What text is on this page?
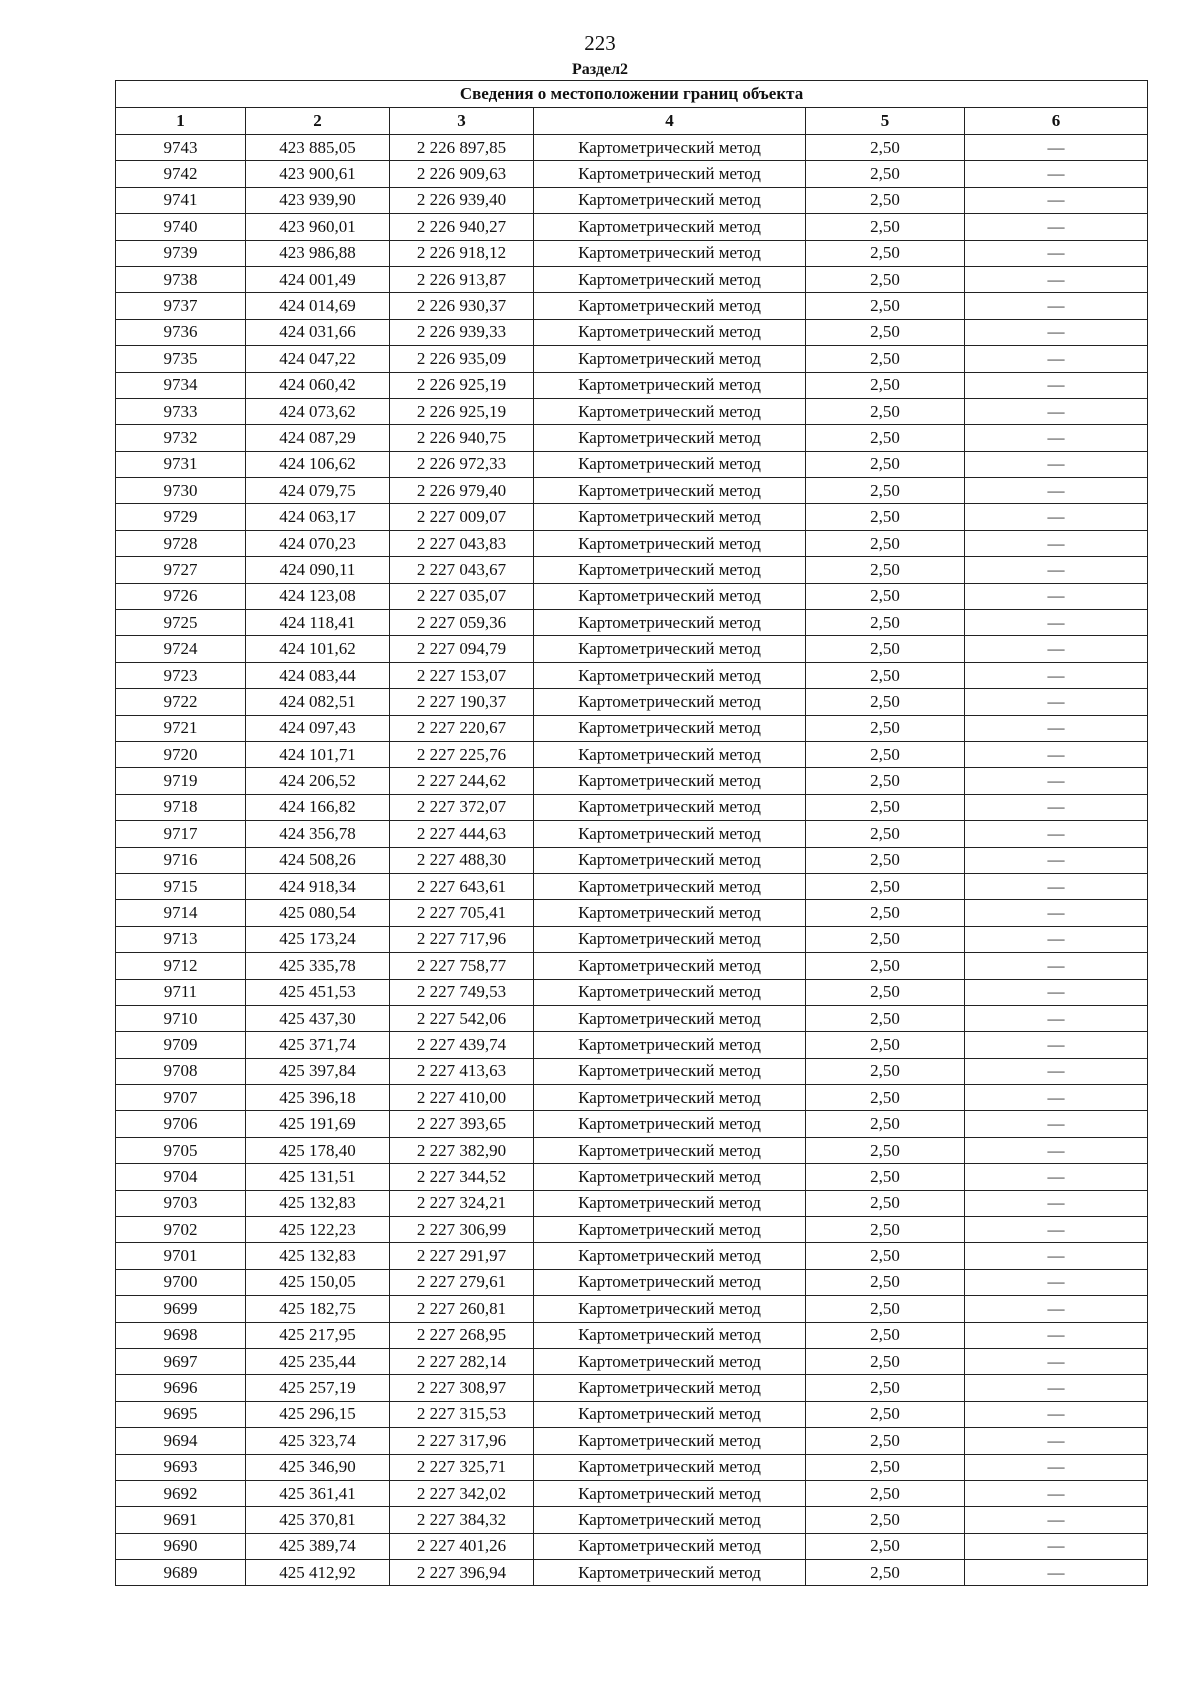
223
Раздел2
Сведения о местоположении границ объекта					
1	2	3	4	5	6
9743	423 885,05	2 226 897,85	Картометрический метод	2,50	—
9742	423 900,61	2 226 909,63	Картометрический метод	2,50	—
9741	423 939,90	2 226 939,40	Картометрический метод	2,50	—
9740	423 960,01	2 226 940,27	Картометрический метод	2,50	—
9739	423 986,88	2 226 918,12	Картометрический метод	2,50	—
9738	424 001,49	2 226 913,87	Картометрический метод	2,50	—
9737	424 014,69	2 226 930,37	Картометрический метод	2,50	—
9736	424 031,66	2 226 939,33	Картометрический метод	2,50	—
9735	424 047,22	2 226 935,09	Картометрический метод	2,50	—
9734	424 060,42	2 226 925,19	Картометрический метод	2,50	—
9733	424 073,62	2 226 925,19	Картометрический метод	2,50	—
9732	424 087,29	2 226 940,75	Картометрический метод	2,50	—
9731	424 106,62	2 226 972,33	Картометрический метод	2,50	—
9730	424 079,75	2 226 979,40	Картометрический метод	2,50	—
9729	424 063,17	2 227 009,07	Картометрический метод	2,50	—
9728	424 070,23	2 227 043,83	Картометрический метод	2,50	—
9727	424 090,11	2 227 043,67	Картометрический метод	2,50	—
9726	424 123,08	2 227 035,07	Картометрический метод	2,50	—
9725	424 118,41	2 227 059,36	Картометрический метод	2,50	—
9724	424 101,62	2 227 094,79	Картометрический метод	2,50	—
9723	424 083,44	2 227 153,07	Картометрический метод	2,50	—
9722	424 082,51	2 227 190,37	Картометрический метод	2,50	—
9721	424 097,43	2 227 220,67	Картометрический метод	2,50	—
9720	424 101,71	2 227 225,76	Картометрический метод	2,50	—
9719	424 206,52	2 227 244,62	Картометрический метод	2,50	—
9718	424 166,82	2 227 372,07	Картометрический метод	2,50	—
9717	424 356,78	2 227 444,63	Картометрический метод	2,50	—
9716	424 508,26	2 227 488,30	Картометрический метод	2,50	—
9715	424 918,34	2 227 643,61	Картометрический метод	2,50	—
9714	425 080,54	2 227 705,41	Картометрический метод	2,50	—
9713	425 173,24	2 227 717,96	Картометрический метод	2,50	—
9712	425 335,78	2 227 758,77	Картометрический метод	2,50	—
9711	425 451,53	2 227 749,53	Картометрический метод	2,50	—
9710	425 437,30	2 227 542,06	Картометрический метод	2,50	—
9709	425 371,74	2 227 439,74	Картометрический метод	2,50	—
9708	425 397,84	2 227 413,63	Картометрический метод	2,50	—
9707	425 396,18	2 227 410,00	Картометрический метод	2,50	—
9706	425 191,69	2 227 393,65	Картометрический метод	2,50	—
9705	425 178,40	2 227 382,90	Картометрический метод	2,50	—
9704	425 131,51	2 227 344,52	Картометрический метод	2,50	—
9703	425 132,83	2 227 324,21	Картометрический метод	2,50	—
9702	425 122,23	2 227 306,99	Картометрический метод	2,50	—
9701	425 132,83	2 227 291,97	Картометрический метод	2,50	—
9700	425 150,05	2 227 279,61	Картометрический метод	2,50	—
9699	425 182,75	2 227 260,81	Картометрический метод	2,50	—
9698	425 217,95	2 227 268,95	Картометрический метод	2,50	—
9697	425 235,44	2 227 282,14	Картометрический метод	2,50	—
9696	425 257,19	2 227 308,97	Картометрический метод	2,50	—
9695	425 296,15	2 227 315,53	Картометрический метод	2,50	—
9694	425 323,74	2 227 317,96	Картометрический метод	2,50	—
9693	425 346,90	2 227 325,71	Картометрический метод	2,50	—
9692	425 361,41	2 227 342,02	Картометрический метод	2,50	—
9691	425 370,81	2 227 384,32	Картометрический метод	2,50	—
9690	425 389,74	2 227 401,26	Картометрический метод	2,50	—
9689	425 412,92	2 227 396,94	Картометрический метод	2,50	—
